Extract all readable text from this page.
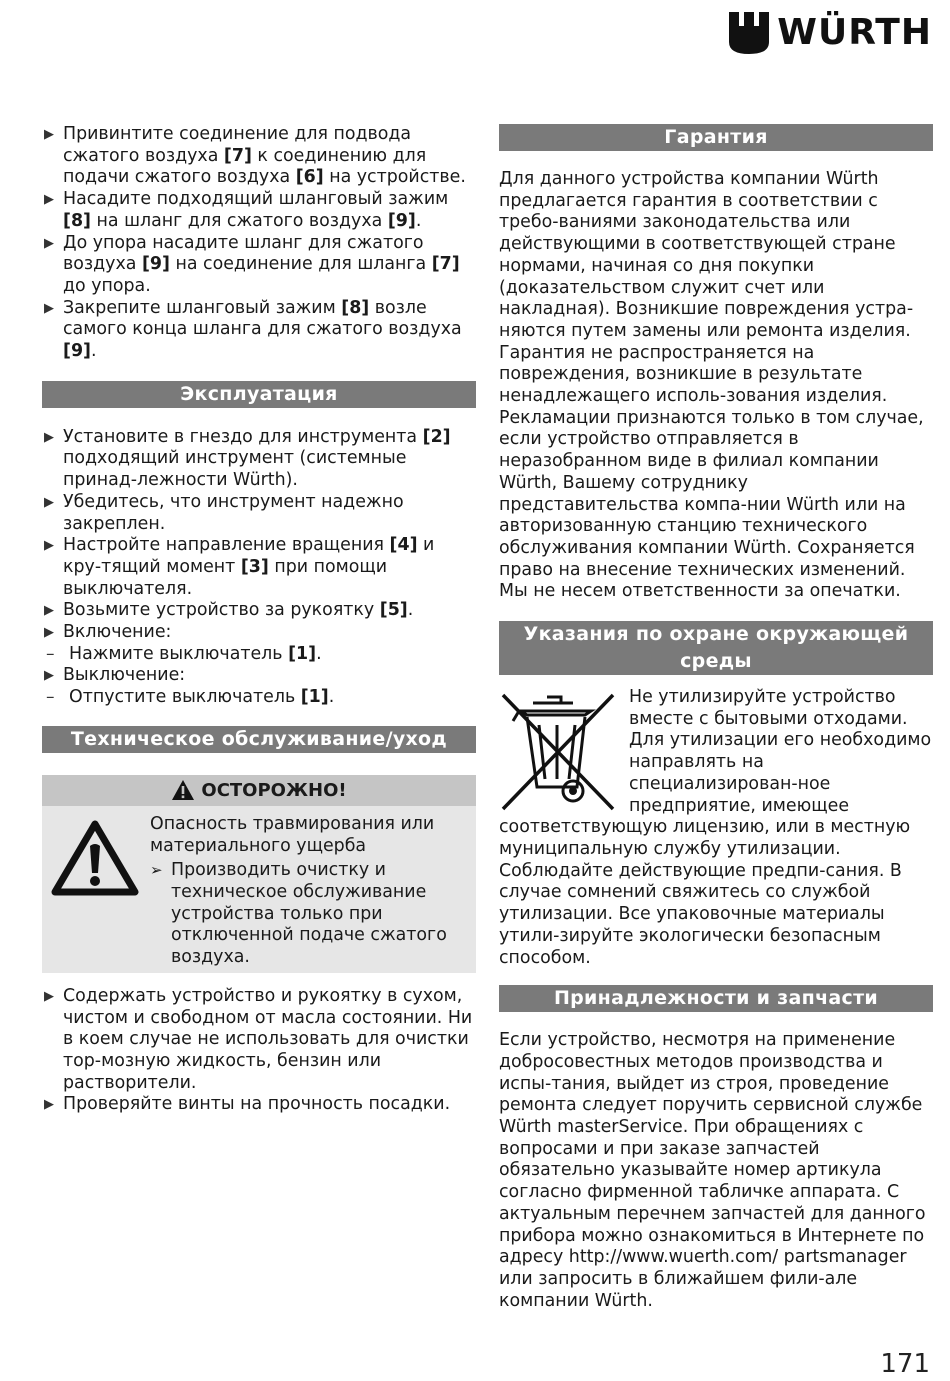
WÜRTH
▶ Привинтите соединение для подвода сжатого воздуха [7] к соединению для подачи сжатого воздуха [6] на устройстве.
▶ Насадите подходящий шланговый зажим [8] на шланг для сжатого воздуха [9].
▶ До упора насадите шланг для сжатого воздуха [9] на соединение для шланга [7] до упора.
▶ Закрепите шланговый зажим [8] возле самого конца шланга для сжатого воздуха [9].
Эксплуатация
▶ Установите в гнездо для инструмента [2] подходящий инструмент (системные принад-лежности Würth).
▶ Убедитесь, что инструмент надежно закреплен.
▶ Настройте направление вращения [4] и кру-тящий момент [3] при помощи выключателя.
▶ Возьмите устройство за рукоятку [5].
▶ Включение:
– Нажмите выключатель [1].
▶ Выключение:
– Отпустите выключатель [1].
Техническое обслуживание/уход
ОСТОРОЖНО!
Опасность травмирования или материального ущерба
➢ Производить очистку и техническое обслуживание устройства только при отключенной подаче сжатого воздуха.
▶ Содержать устройство и рукоятку в сухом, чистом и свободном от масла состоянии. Ни в коем случае не использовать для очистки тор-мозную жидкость, бензин или растворители.
▶ Проверяйте винты на прочность посадки.
Гарантия
Для данного устройства компании Würth предлагается гарантия в соответствии с требо-ваниями законодательства или действующими в соответствующей стране нормами, начиная со дня покупки (доказательством служит счет или накладная). Возникшие повреждения устра-няются путем замены или ремонта изделия. Гарантия не распространяется на повреждения, возникшие в результате ненадлежащего исполь-зования изделия. Рекламации признаются только в том случае, если устройство отправляется в неразобранном виде в филиал компании Würth, Вашему сотруднику представительства компа-нии Würth или на авторизованную станцию технического обслуживания компании Würth. Сохраняется право на внесение технических изменений.
Мы не несем ответственности за опечатки.
Указания по охране окружающей среды
Не утилизируйте устройство вместе с бытовыми отходами. Для утилизации его необходимо направлять на специализирован-ное предприятие, имеющее соответствующую лицензию, или в местную муниципальную службу утилизации. Соблюдайте действующие предпи-сания. В случае сомнений свяжитесь со службой утилизации. Все упаковочные материалы утили-зируйте экологически безопасным способом.
Принадлежности и запчасти
Если устройство, несмотря на применение добросовестных методов производства и испы-тания, выйдет из строя, проведение ремонта следует поручить сервисной службе Würth masterService. При обращениях с вопросами и при заказе запчастей обязательно указывайте номер артикула согласно фирменной табличке аппарата. С актуальным перечнем запчастей для данного прибора можно ознакомиться в Интернете по адресу http://www.wuerth.com/ partsmanager или запросить в ближайшем фили-але компании Würth.
171
